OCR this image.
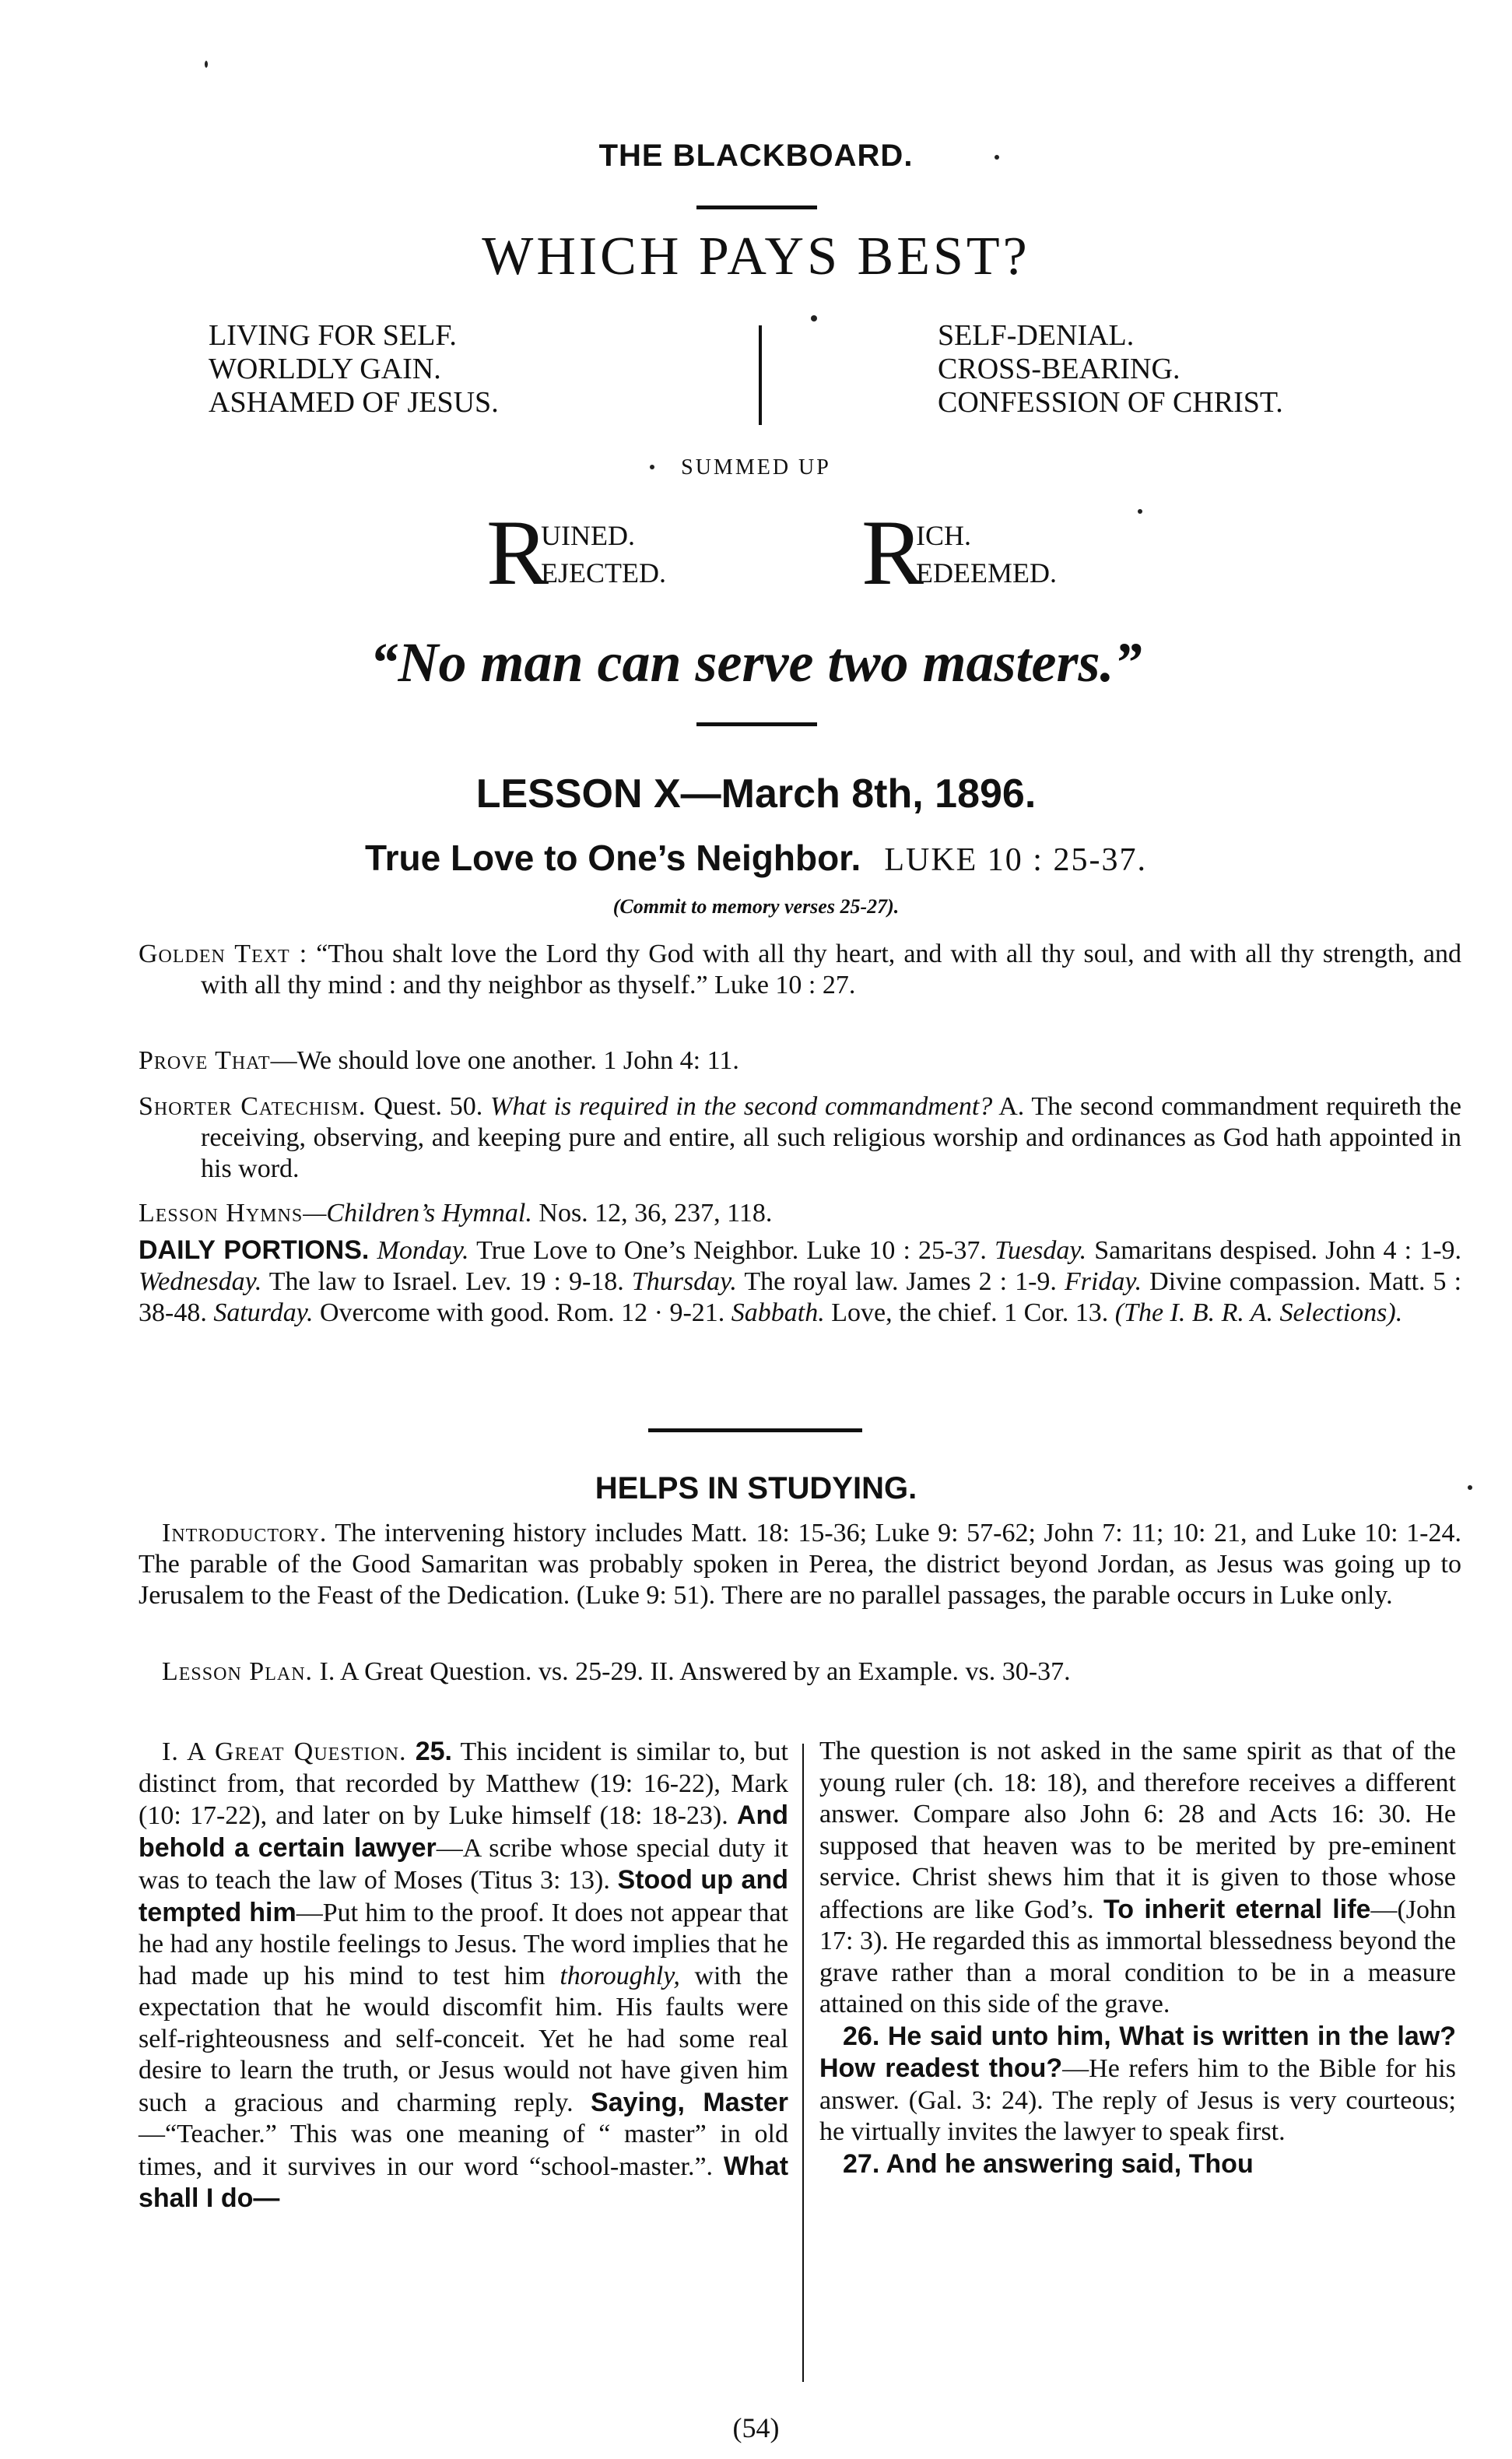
THE BLACKBOARD.
WHICH PAYS BEST?
LIVING FOR SELF.
WORLDLY GAIN.
ASHAMED OF JESUS.
SELF-DENIAL.
CROSS-BEARING.
CONFESSION OF CHRIST.
SUMMED UP
R
UINED.
EJECTED. R
ICH.
EDEEMED.
“No man can serve two masters.”
LESSON X—March 8th, 1896.
True Love to One’s Neighbor. LUKE 10 : 25-37.
(Commit to memory verses 25-27).
Golden Text : “Thou shalt love the Lord thy God with all thy heart, and with all thy soul, and with all thy strength, and with all thy mind : and thy neighbor as thyself.” Luke 10 : 27.
Prove That—We should love one another. 1 John 4: 11.
Shorter Catechism. Quest. 50. What is required in the second commandment? A. The second commandment requireth the receiving, observing, and keeping pure and entire, all such religious worship and ordinances as God hath appointed in his word.
Lesson Hymns—Children’s Hymnal. Nos. 12, 36, 237, 118.
DAILY PORTIONS. Monday. True Love to One’s Neighbor. Luke 10 : 25-37. Tuesday. Samaritans despised. John 4 : 1-9. Wednesday. The law to Israel. Lev. 19 : 9-18. Thursday. The royal law. James 2 : 1-9. Friday. Divine compassion. Matt. 5 : 38-48. Saturday. Overcome with good. Rom. 12 · 9-21. Sabbath. Love, the chief. 1 Cor. 13. (The I. B. R. A. Selections).
HELPS IN STUDYING.
Introductory. The intervening history includes Matt. 18: 15-36; Luke 9: 57-62; John 7: 11; 10: 21, and Luke 10: 1-24. The parable of the Good Samaritan was probably spoken in Perea, the district beyond Jordan, as Jesus was going up to Jerusalem to the Feast of the Dedication. (Luke 9: 51). There are no parallel passages, the parable occurs in Luke only.
Lesson Plan. I. A Great Question. vs. 25-29. II. Answered by an Example. vs. 30-37.
I. A Great Question. 25. This incident is similar to, but distinct from, that recorded by Matthew (19: 16-22), Mark (10: 17-22), and later on by Luke himself (18: 18-23). And behold a certain lawyer—A scribe whose special duty it was to teach the law of Moses (Titus 3: 13). Stood up and tempted him—Put him to the proof. It does not appear that he had any hostile feelings to Jesus. The word implies that he had made up his mind to test him thoroughly, with the expectation that he would discomfit him. His faults were self-righteousness and self-conceit. Yet he had some real desire to learn the truth, or Jesus would not have given him such a gracious and charming reply. Saying, Master—“Teacher.” This was one meaning of “ master” in old times, and it survives in our word “school-master.”. What shall I do—
The question is not asked in the same spirit as that of the young ruler (ch. 18: 18), and therefore receives a different answer. Compare also John 6: 28 and Acts 16: 30. He supposed that heaven was to be merited by pre-eminent service. Christ shews him that it is given to those whose affections are like God’s. To inherit eternal life—(John 17: 3). He regarded this as immortal blessedness beyond the grave rather than a moral condition to be in a measure attained on this side of the grave.
26. He said unto him, What is written in the law? How readest thou?—He refers him to the Bible for his answer. (Gal. 3: 24). The reply of Jesus is very courteous; he virtually invites the lawyer to speak first.
27. And he answering said, Thou
(54)
